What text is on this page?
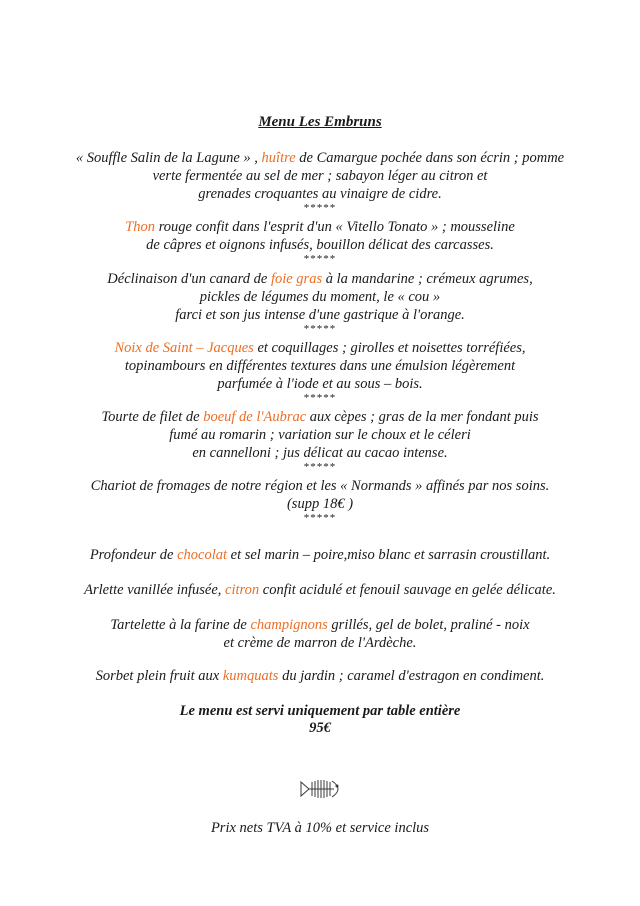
Menu Les Embruns
« Souffle Salin de la Lagune » , huître de Camargue pochée dans son écrin ; pomme
verte fermentée au sel de mer ; sabayon léger au citron et
grenades croquantes au vinaigre de cidre.
*****
Thon rouge confit dans l'esprit d'un « Vitello Tonato » ; mousseline
de câpres et oignons infusés, bouillon délicat des carcasses.
*****
Déclinaison d'un canard de foie gras à la mandarine ; crémeux agrumes,
pickles de légumes du moment, le « cou »
farci et son jus intense d'une gastrique à l'orange.
*****
Noix de Saint – Jacques et coquillages ; girolles et noisettes torréfiées,
topinambours en différentes textures dans une émulsion légèrement
parfumée à l'iode et au sous – bois.
*****
Tourte de filet de boeuf de l'Aubrac aux cèpes ; gras de la mer fondant puis
fumé au romarin ; variation sur le choux et le céleri
en cannelloni ; jus délicat au cacao intense.
*****
Chariot de fromages de notre région et les « Normands » affinés par nos soins.
(supp 18€ )
*****
Profondeur de chocolat et sel marin – poire,miso blanc et sarrasin croustillant.
Arlette vanillée infusée, citron confit acidulé et fenouil sauvage en gelée délicate.
Tartelette à la farine de champignons grillés, gel de bolet, praliné - noix
et crème de marron de l'Ardèche.
Sorbet plein fruit aux kumquats du jardin ; caramel d'estragon en condiment.
Le menu est servi uniquement par table entière
95€
Prix nets TVA à 10% et service inclus
